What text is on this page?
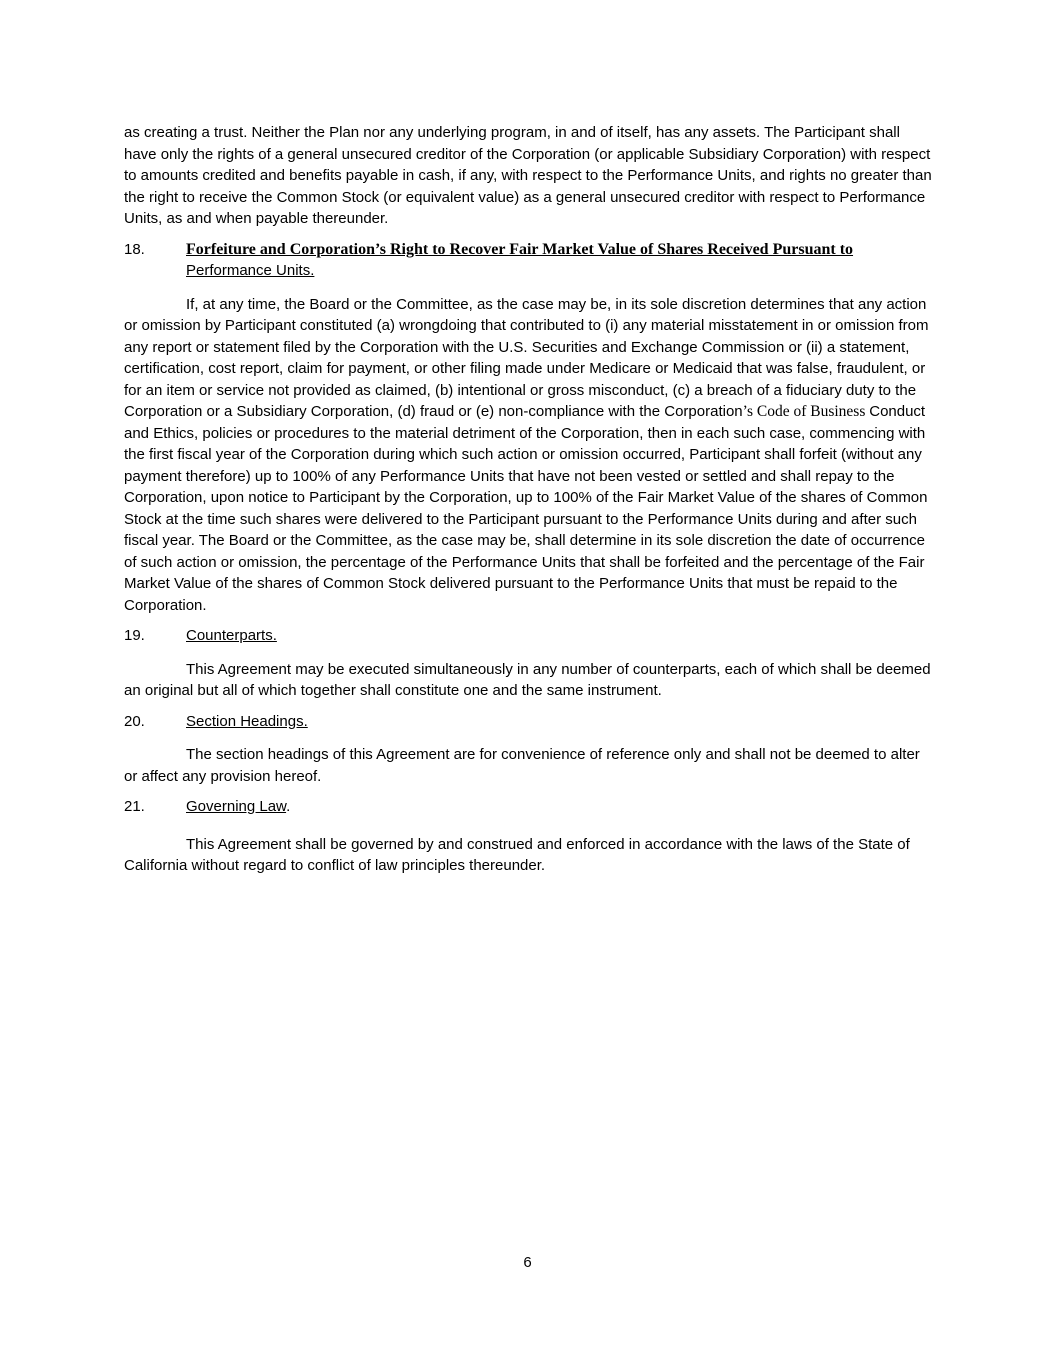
as creating a trust. Neither the Plan nor any underlying program, in and of itself, has any assets. The Participant shall have only the rights of a general unsecured creditor of the Corporation (or applicable Subsidiary Corporation) with respect to amounts credited and benefits payable in cash, if any, with respect to the Performance Units, and rights no greater than the right to receive the Common Stock (or equivalent value) as a general unsecured creditor with respect to Performance Units, as and when payable thereunder.

18.	Forfeiture and Corporation’s Right to Recover Fair Market Value of Shares Received Pursuant to
Performance Units.

If, at any time, the Board or the Committee, as the case may be, in its sole discretion determines that any action or omission by Participant constituted (a) wrongdoing that contributed to (i) any material misstatement in or omission from any report or statement filed by the Corporation with the U.S. Securities and Exchange Commission or (ii) a statement, certification, cost report, claim for payment, or other filing made under Medicare or Medicaid that was false, fraudulent, or for an item or service not provided as claimed, (b) intentional or gross misconduct, (c) a breach of a fiduciary duty to the Corporation or a Subsidiary Corporation, (d) fraud or (e) non-compliance with the Corporation’s Code of Business Conduct and Ethics, policies or procedures to the material detriment of the Corporation, then in each such case, commencing with the first fiscal year of the Corporation during which such action or omission occurred, Participant shall forfeit (without any payment therefore) up to 100% of any Performance Units that have not been vested or settled and shall repay to the Corporation, upon notice to Participant by the Corporation, up to 100% of the Fair Market Value of the shares of Common Stock at the time such shares were delivered to the Participant pursuant to the Performance Units during and after such fiscal year. The Board or the Committee, as the case may be, shall determine in its sole discretion the date of occurrence of such action or omission, the percentage of the Performance Units that shall be forfeited and the percentage of the Fair Market Value of the shares of Common Stock delivered pursuant to the Performance Units that must be repaid to the Corporation.

19.	Counterparts.

This Agreement may be executed simultaneously in any number of counterparts, each of which shall be deemed an original but all of which together shall constitute one and the same instrument.

20.	Section Headings.

The section headings of this Agreement are for convenience of reference only and shall not be deemed to alter or affect any provision hereof.

21.	Governing Law.

This Agreement shall be governed by and construed and enforced in accordance with the laws of the State of California without regard to conflict of law principles thereunder.

6
